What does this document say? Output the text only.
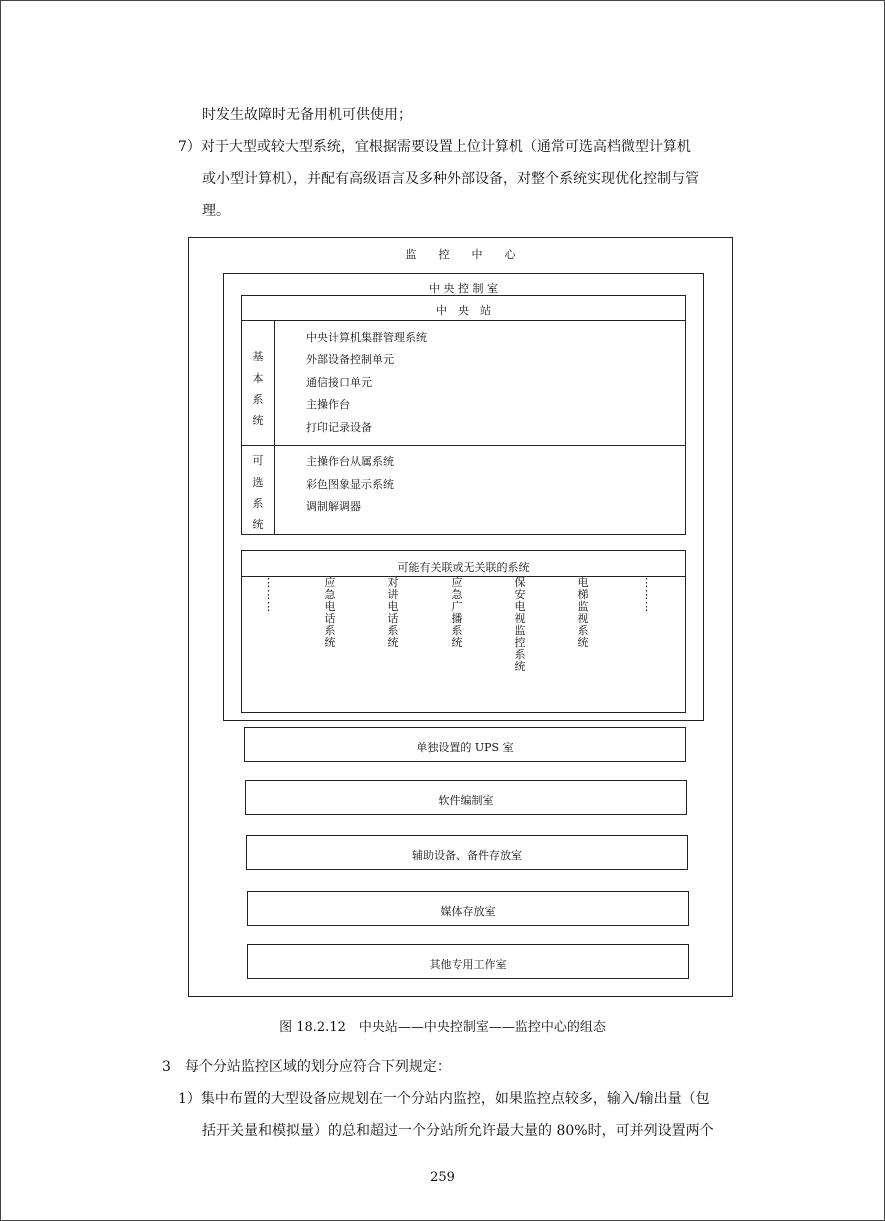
时发生故障时无备用机可供使用；
7）对于大型或较大型系统，宜根据需要设置上位计算机（通常可选高档微型计算机
或小型计算机），并配有高级语言及多种外部设备，对整个系统实现优化控制与管
理。
监　　控　　中　　心
中 央 控 制 室
中　央　站
基
本
系
统
中央计算机集群管理系统
外部设备控制单元
通信接口单元
主操作台
打印记录设备
可
选
系
统
主操作台从属系统
彩色图象显示系统
调制解调器
可能有关联或无关联的系统
⋮⋮⋮
应急电话系统
对讲电话系统
应急广播系统
保安电视监控系统
电梯监视系统
⋮⋮⋮
单独设置的 UPS 室
软件编制室
辅助设备、备件存放室
媒体存放室
其他专用工作室
图 18.2.12　中央站——中央控制室——监控中心的组态
3　每个分站监控区域的划分应符合下列规定：
1）集中布置的大型设备应规划在一个分站内监控，如果监控点较多，输入/输出量（包
括开关量和模拟量）的总和超过一个分站所允许最大量的 80%时，可并列设置两个
259
